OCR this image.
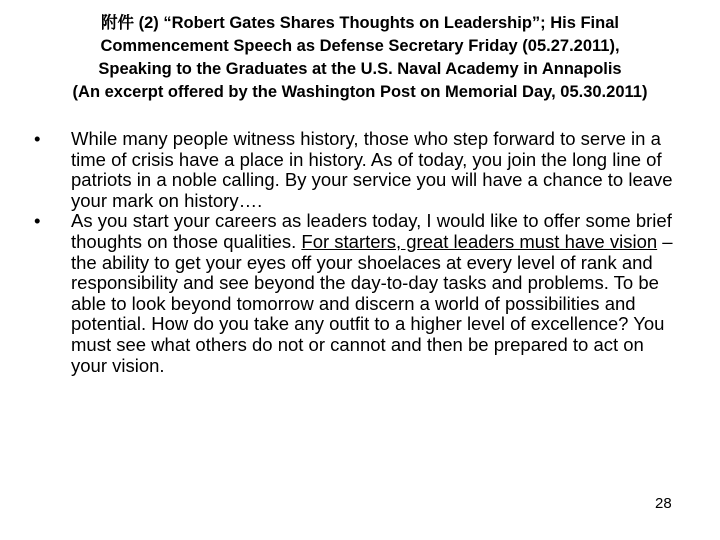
附件 (2) “Robert Gates Shares Thoughts on Leadership”; His Final
Commencement Speech as Defense Secretary Friday (05.27.2011),
Speaking to the Graduates at the U.S. Naval Academy in Annapolis
(An excerpt offered by the Washington Post on Memorial Day, 05.30.2011)
•	While many people witness history, those who step forward to serve in a time of crisis have a place in history. As of today, you join the long line of patriots in a noble calling. By your service you will have a chance to leave your mark on history….
•	As you start your careers as leaders today, I would like to offer some brief thoughts on those qualities. For starters, great leaders must have vision – the ability to get your eyes off your shoelaces at every level of rank and responsibility and see beyond the day-to-day tasks and problems. To be able to look beyond tomorrow and discern a world of possibilities and potential. How do you take any outfit to a higher level of excellence? You must see what others do not or cannot and then be prepared to act on your vision.
28
